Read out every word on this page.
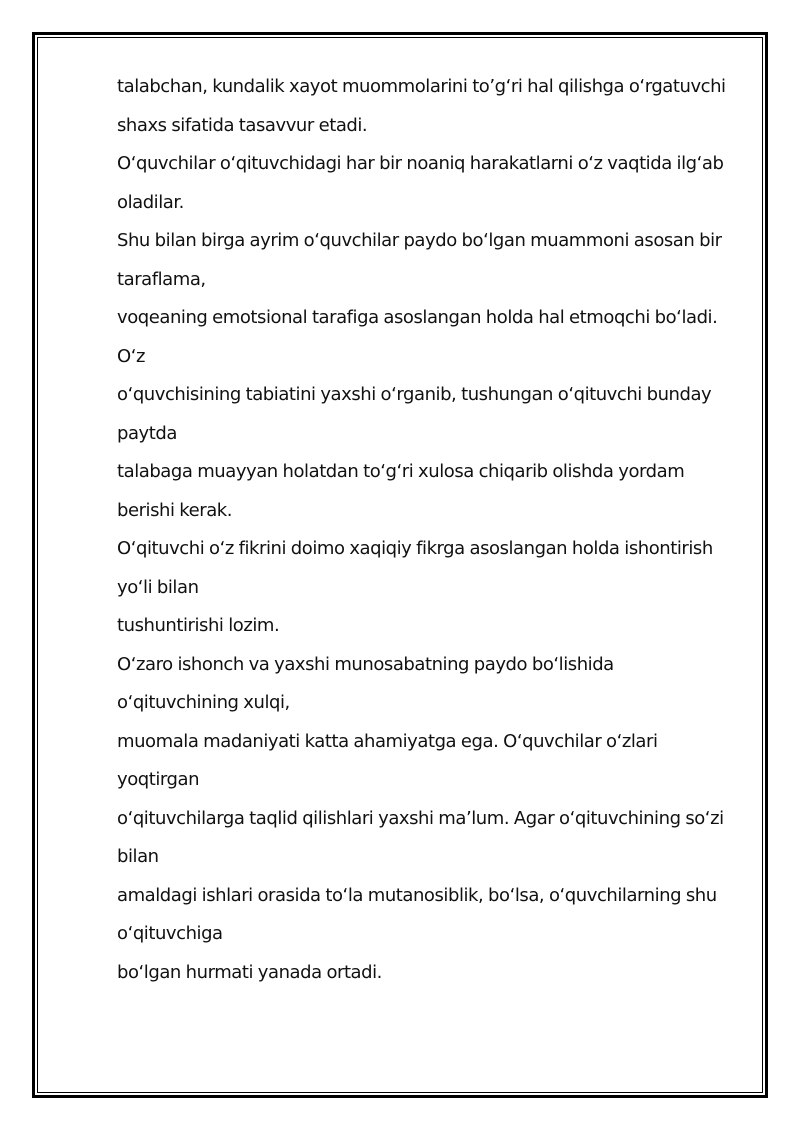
talabchan, kundalik xayot muommolarini to’g‘ri hal qilishga o‘rgatuvchi
shaxs sifatida tasavvur etadi.
O‘quvchilar o‘qituvchidagi har bir noaniq harakatlarni o‘z vaqtida ilg‘ab
oladilar.
Shu bilan birga ayrim o‘quvchilar paydo bo‘lgan muammoni asosan bir
taraflama,
voqeaning emotsional tarafiga asoslangan holda hal etmoqchi bo‘ladi.
O‘z
o‘quvchisining tabiatini yaxshi o‘rganib, tushungan o‘qituvchi bunday
paytda
talabaga muayyan holatdan to‘g‘ri xulosa chiqarib olishda yordam
berishi kerak.
O‘qituvchi o‘z fikrini doimo xaqiqiy fikrga asoslangan holda ishontirish
yo‘li bilan
tushuntirishi lozim.
O‘zaro ishonch va yaxshi munosabatning paydo bo‘lishida
o‘qituvchining xulqi,
muomala madaniyati katta ahamiyatga ega. O‘quvchilar o‘zlari
yoqtirgan
o‘qituvchilarga taqlid qilishlari yaxshi ma’lum. Agar o‘qituvchining so‘zi
bilan
amaldagi ishlari orasida to‘la mutanosiblik, bo‘lsa, o‘quvchilarning shu
o‘qituvchiga
bo‘lgan hurmati yanada ortadi.
